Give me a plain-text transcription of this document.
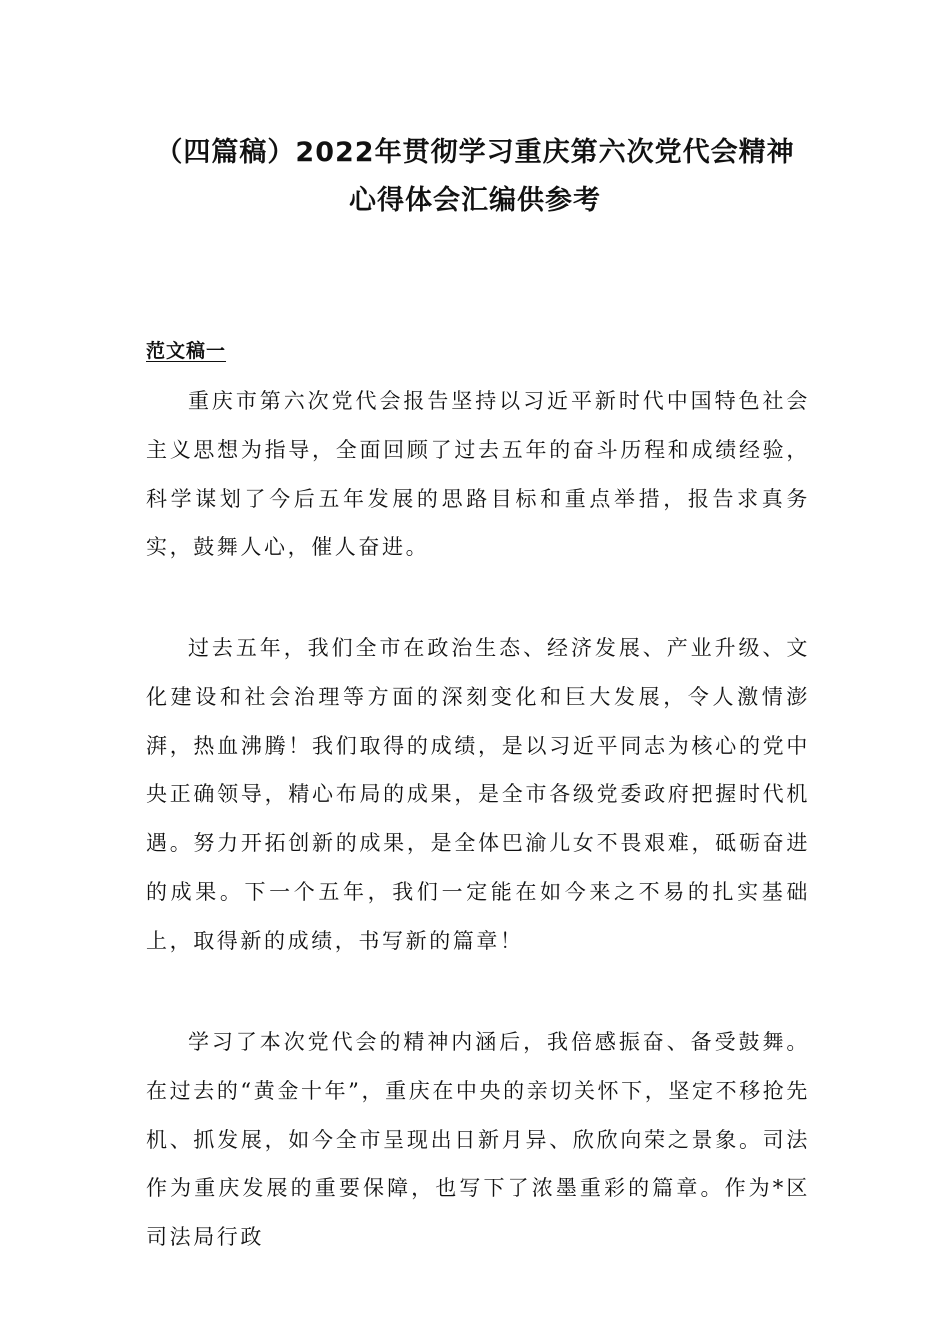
（四篇稿）2022年贯彻学习重庆第六次党代会精神
心得体会汇编供参考
范文稿一

重庆市第六次党代会报告坚持以习近平新时代中国特色社会主义思想为指导，全面回顾了过去五年的奋斗历程和成绩经验，科学谋划了今后五年发展的思路目标和重点举措，报告求真务实，鼓舞人心，催人奋进。

过去五年，我们全市在政治生态、经济发展、产业升级、文化建设和社会治理等方面的深刻变化和巨大发展，令人激情澎湃，热血沸腾！我们取得的成绩，是以习近平同志为核心的党中央正确领导，精心布局的成果，是全市各级党委政府把握时代机遇。努力开拓创新的成果，是全体巴渝儿女不畏艰难，砥砺奋进的成果。下一个五年，我们一定能在如今来之不易的扎实基础上，取得新的成绩，书写新的篇章！

学习了本次党代会的精神内涵后，我倍感振奋、备受鼓舞。在过去的“黄金十年”，重庆在中央的亲切关怀下，坚定不移抢先机、抓发展，如今全市呈现出日新月异、欣欣向荣之景象。司法作为重庆发展的重要保障，也写下了浓墨重彩的篇章。作为*区司法局行政
